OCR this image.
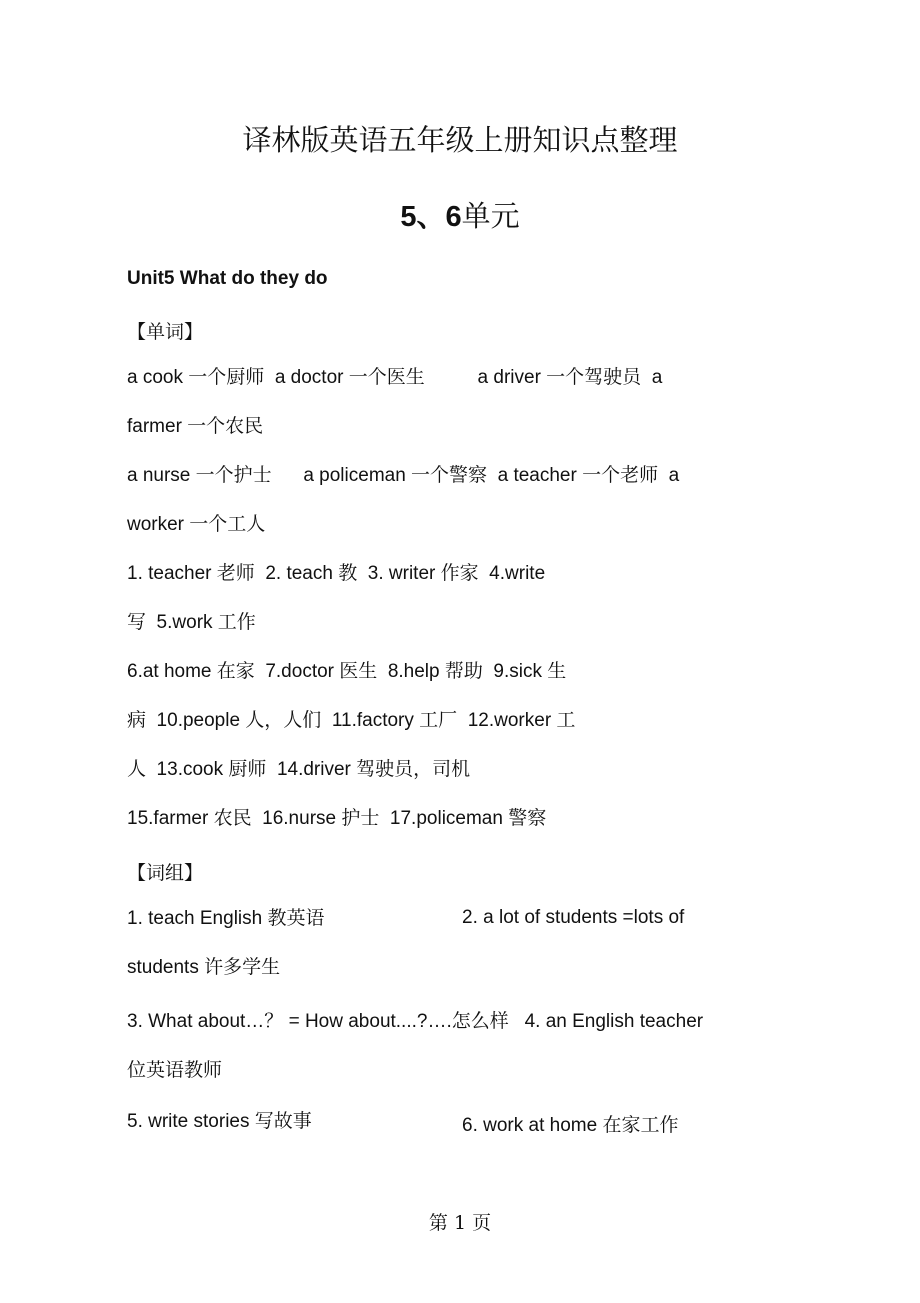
译林版英语五年级上册知识点整理
5、6单元
Unit5 What do they do
【单词】
a cook 一个厨师  a doctor 一个医生          a driver 一个驾驶员  a
farmer 一个农民
a nurse 一个护士      a policeman 一个警察  a teacher 一个老师  a
worker 一个工人
1. teacher 老师  2. teach 教  3. writer 作家  4.write
写  5.work 工作
6.at home 在家  7.doctor 医生  8.help 帮助  9.sick 生
病  10.people 人，人们  11.factory 工厂  12.worker 工
人  13.cook 厨师  14.driver 驾驶员，司机
15.farmer 农民  16.nurse 护士  17.policeman 警察
【词组】
1. teach English 教英语	2. a lot of students =lots of
students 许多学生
3. What about…？ = How about....?….怎么样   4. an English teacher
位英语教师
5. write stories 写故事	6. work at home 在家工作
第 1 页
